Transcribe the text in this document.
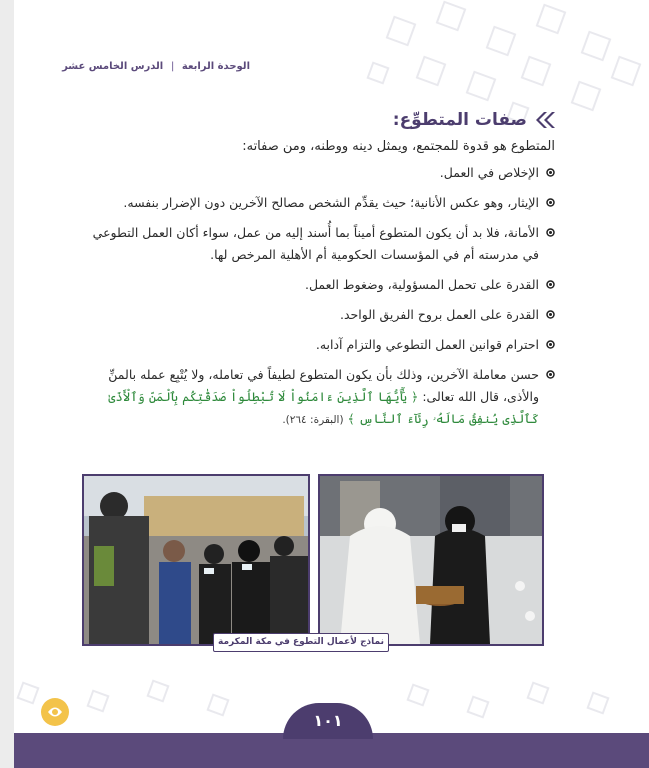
الوحدة الرابعة | الدرس الخامس عشر
صفات المتطوِّع:

المتطوع هو قدوة للمجتمع، ويمثل دينه ووطنه، ومن صفاته:

الإخلاص في العمل.
الإيثار، وهو عكس الأنانية؛ حيث يقدِّم الشخص مصالح الآخرين دون الإضرار بنفسه.
الأمانة، فلا بد أن يكون المتطوع أميناً بما أُسند إليه من عمل، سواء أكان العمل التطوعي في مدرسته أم في المؤسسات الحكومية أم الأهلية المرخص لها.
القدرة على تحمل المسؤولية، وضغوط العمل.
القدرة على العمل بروح الفريق الواحد.
احترام قوانين العمل التطوعي والتزام آدابه.
حسن معاملة الآخرين، وذلك بأن يكون المتطوع لطيفاً في تعامله، ولا يُتْبِع عمله بالمنِّ والأذى، قال الله تعالى: ﴿ يَٰٓأَيُّهَا ٱلَّذِينَ ءَامَنُواْ لَا تُبْطِلُواْ صَدَقَٰتِكُم بِٱلْمَنِّ وَٱلْأَذَىٰ كَٱلَّذِى يُنفِقُ مَالَهُۥ رِئَآءَ ٱلنَّاسِ ﴾ (البقرة: ٢٦٤).
نماذج لأعمال التطوع في مكة المكرمة
١٠١
